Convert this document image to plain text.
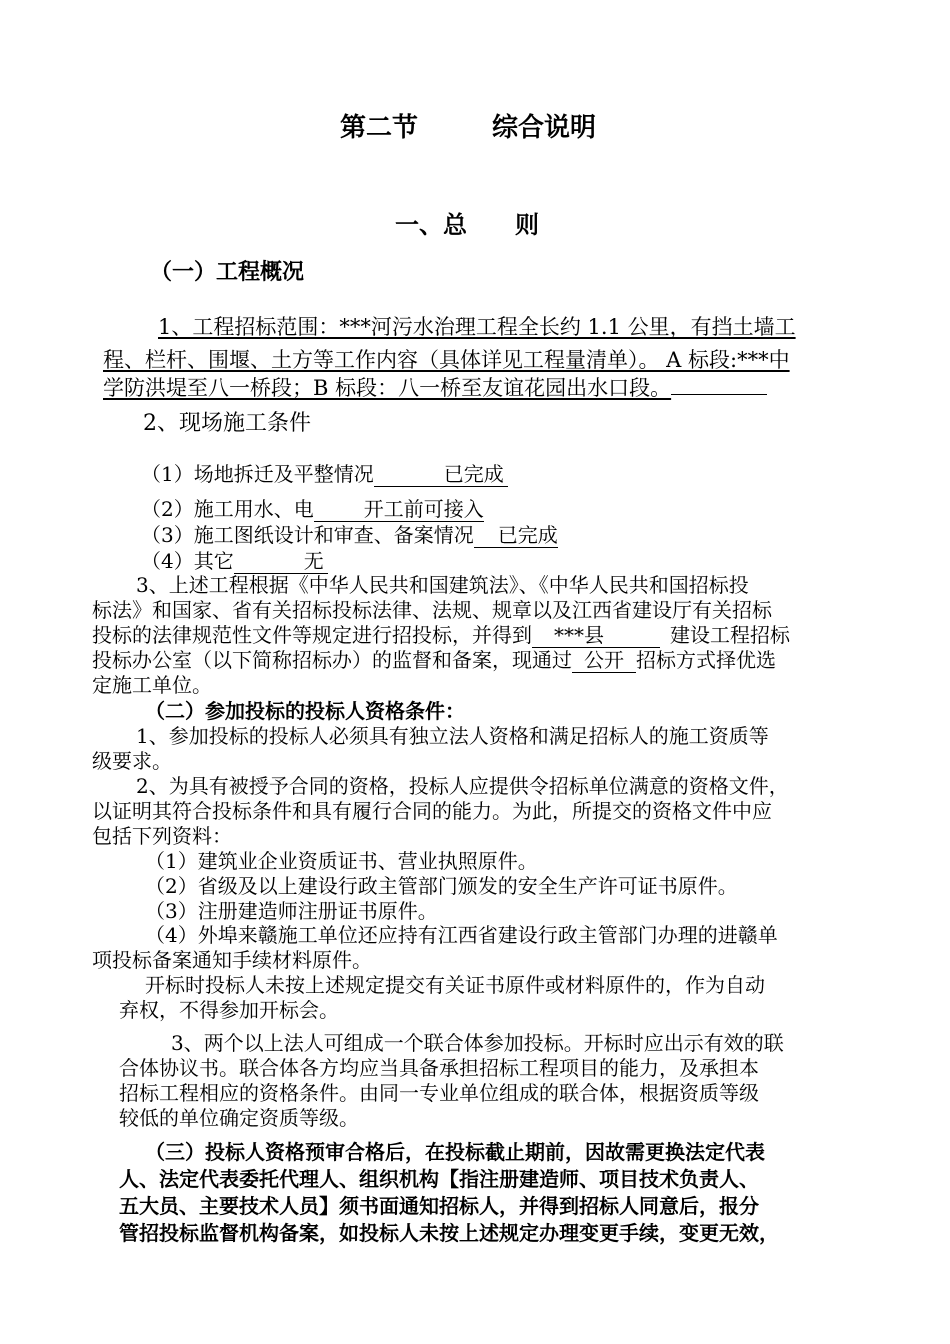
第二节	综合说明
一、总　　则
（一）工程概况
1、工程招标范围：***河污水治理工程全长约 1.1 公里，有挡土墙工
程、栏杆、围堰、土方等工作内容（具体详见工程量清单）。 A 标段:***中
学防洪堤至八一桥段；B 标段：八一桥至友谊花园出水口段。
2、现场施工条件
（1）场地拆迁及平整情况	已完成
（2）施工用水、电	开工前可接入
（3）施工图纸设计和审查、备案情况 已完成
（4）其它	无
3、上述工程根据《中华人民共和国建筑法》、《中华人民共和国招标投
标法》和国家、省有关招标投标法律、法规、规章以及江西省建设厅有关招标
投标的法律规范性文件等规定进行招投标，并得到 ***县	建设工程招标
投标办公室（以下简称招标办）的监督和备案，现通过 公开 招标方式择优选
定施工单位。
（二）参加投标的投标人资格条件：
1、参加投标的投标人必须具有独立法人资格和满足招标人的施工资质等
级要求。
2、为具有被授予合同的资格，投标人应提供令招标单位满意的资格文件，
以证明其符合投标条件和具有履行合同的能力。为此，所提交的资格文件中应
包括下列资料：
（1）建筑业企业资质证书、营业执照原件。
（2）省级及以上建设行政主管部门颁发的安全生产许可证书原件。
（3）注册建造师注册证书原件。
（4）外埠来赣施工单位还应持有江西省建设行政主管部门办理的进赣单
项投标备案通知手续材料原件。
开标时投标人未按上述规定提交有关证书原件或材料原件的，作为自动
弃权，不得参加开标会。
3、两个以上法人可组成一个联合体参加投标。开标时应出示有效的联
合体协议书。联合体各方均应当具备承担招标工程项目的能力，及承担本
招标工程相应的资格条件。由同一专业单位组成的联合体，根据资质等级
较低的单位确定资质等级。
（三）投标人资格预审合格后，在投标截止期前，因故需更换法定代表
人、法定代表委托代理人、组织机构【指注册建造师、项目技术负责人、
五大员、主要技术人员】须书面通知招标人，并得到招标人同意后，报分
管招投标监督机构备案，如投标人未按上述规定办理变更手续，变更无效，
